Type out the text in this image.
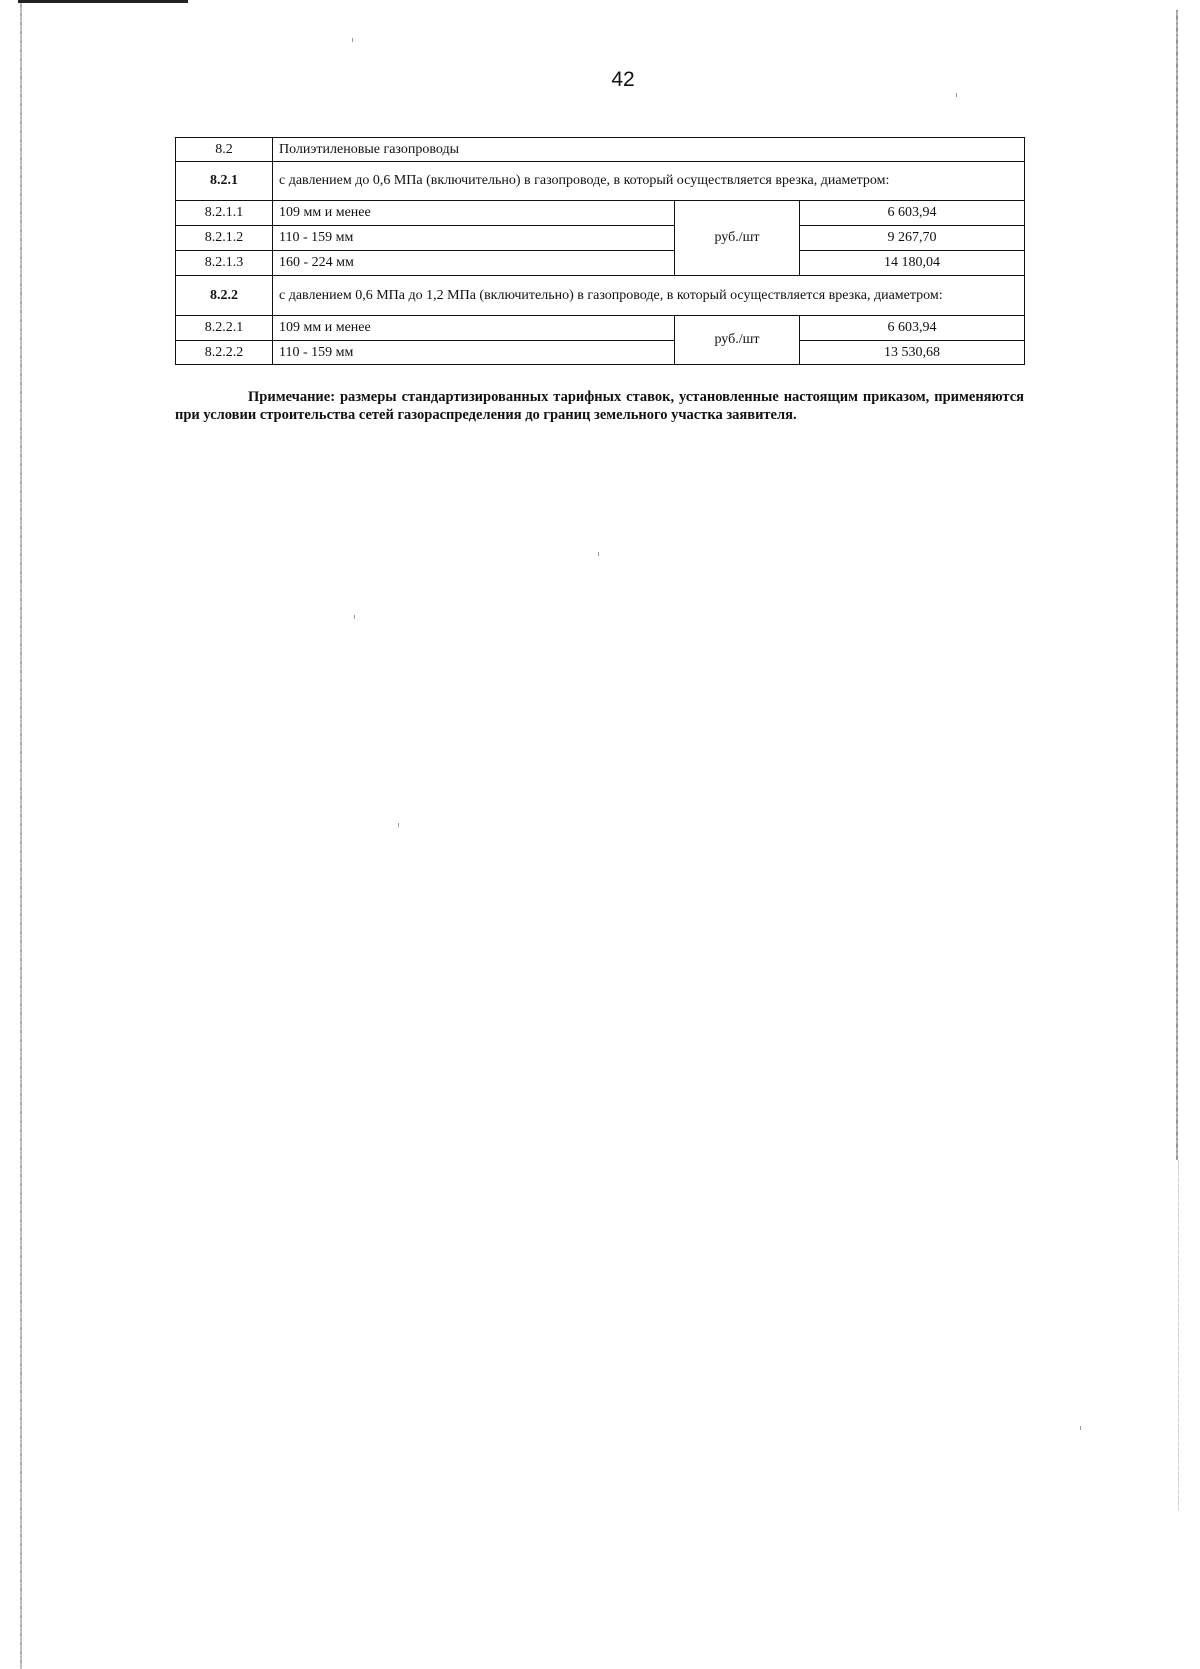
42
8.2	Полиэтиленовые газопроводы		
8.2.1	с давлением до 0,6 МПа (включительно) в газопроводе, в который осуществляется врезка, диаметром:		
8.2.1.1	109 мм и менее	руб./шт	6 603,94
8.2.1.2	110 - 159 мм		9 267,70
8.2.1.3	160 - 224 мм		14 180,04
8.2.2	с давлением 0,6 МПа до 1,2 МПа (включительно) в газопроводе, в который осуществляется врезка, диаметром:		
8.2.2.1	109 мм и менее	руб./шт	6 603,94
8.2.2.2	110 - 159 мм		13 530,68
Примечание: размеры стандартизированных тарифных ставок, установленные настоящим приказом, применяются при условии строительства сетей газораспределения до границ земельного участка заявителя.
